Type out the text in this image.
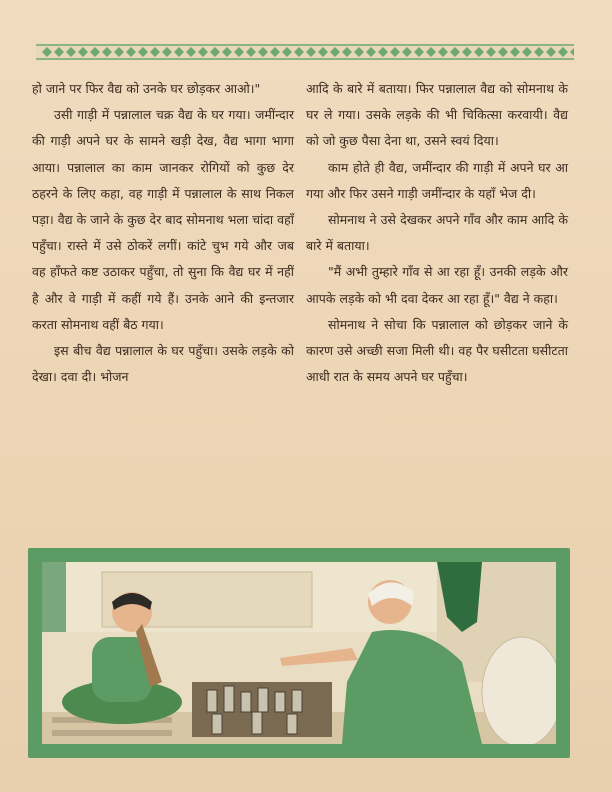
हो जाने पर फिर वैद्य को उनके घर छोड़कर आओ।"

उसी गाड़ी में पन्नालाल चक्र वैद्य के घर गया। जमींन्दार की गाड़ी अपने घर के सामने खड़ी देख, वैद्य भागा भागा आया। पन्नालाल का काम जानकर रोगियों को कुछ देर ठहरने के लिए कहा, वह गाड़ी में पन्नालाल के साथ निकल पड़ा। वैद्य के जाने के कुछ देर बाद सोमनाथ भला चांदा वहाँ पहुँचा। रास्ते में उसे ठोकरें लगीं। कांटे चुभ गये और जब वह हाँफते कष्ट उठाकर पहुँचा, तो सुना कि वैद्य घर में नहीं है और वे गाड़ी में कहीं गये हैं। उनके आने की इन्तजार करता सोमनाथ वहीं बैठ गया।

इस बीच वैद्य पन्नालाल के घर पहुँचा। उसके लड़के को देखा। दवा दी। भोजन

आदि के बारे में बताया। फिर पन्नालाल वैद्य को सोमनाथ के घर ले गया। उसके लड़के की भी चिकित्सा करवायी। वैद्य को जो कुछ पैसा देना था, उसने स्वयं दिया।

काम होते ही वैद्य, जमींन्दार की गाड़ी में अपने घर आ गया और फिर उसने गाड़ी जमींन्दार के यहाँ भेज दी।

सोमनाथ ने उसे देखकर अपने गाँव और काम आदि के बारे में बताया।

"मैं अभी तुम्हारे गाँव से आ रहा हूँ। उनकी लड़के और आपके लड़के को भी दवा देकर आ रहा हूँ।" वैद्य ने कहा।

सोमनाथ ने सोचा कि पन्नालाल को छोड़कर जाने के कारण उसे अच्छी सजा मिली थी। वह पैर घसीटता घसीटता आधी रात के समय अपने घर पहुँचा।
